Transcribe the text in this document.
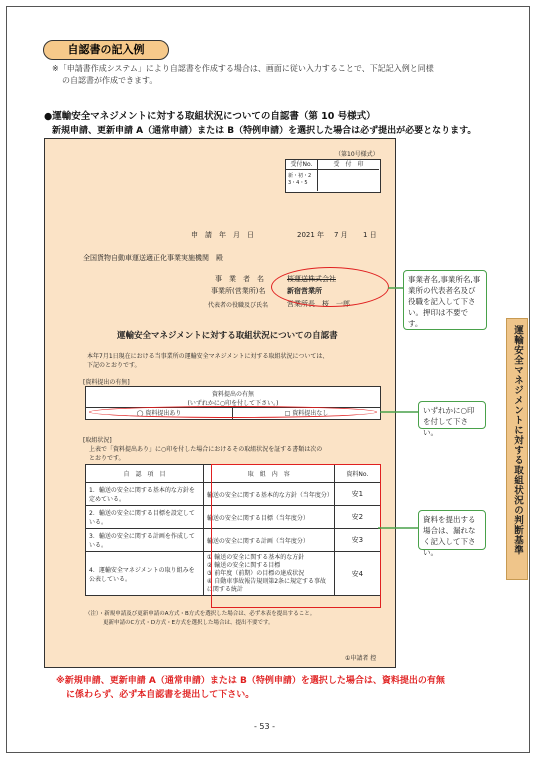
自認書の記入例
※「申請書作成システム」により自認書を作成する場合は、画面に従い入力することで、下記記入例と同様
の自認書が作成できます。
●運輸安全マネジメントに対する取組状況についての自認書（第 10 号様式）
新規申請、更新申請 A（通常申請）または B（特例申請）を選択した場合は必ず提出が必要となります。
（第10号様式）
受付No.	受　付　印
新・初・2
3・4・5
申　請　年　月　日	2021 年 7 月 1 日
全国貨物自動車運送適正化事業実施機関　殿
事　業　者　名	桜運送株式会社
事業所(営業所)名	新宿営業所
代表者の役職及び氏名	営業所長　桜　一郎
運輸安全マネジメントに対する取組状況についての自認書
本年7月1日現在における当事業所の運輸安全マネジメントに対する取組状況については、
下記のとおりです。
[資料提出の有無]
資料提出の有無
(いずれかに○印を付して下さい。)
◯ 資料提出あり	□ 資料提出なし
[取組状況]
上表で「資料提出あり」に○印を付した場合におけるその取組状況を証する書類は次の
とおりです。
自　認　項　目	取　組　内　容	資料No.
1．輸送の安全に関する基本的な方針を定めている。	輸送の安全に関する基本的な方針（当年度分）	安1
2．輸送の安全に関する目標を設定している。	輸送の安全に関する目標（当年度分）	安2
3．輸送の安全に関する計画を作成している。	輸送の安全に関する計画（当年度分）	安3
4．運輸安全マネジメントの取り組みを公表している。	① 輸送の安全に関する基本的な方針
② 輸送の安全に関する目標
③ 前年度（前期）の目標の達成状況
④ 自動車事故報告規則第2条に規定する事故に関する統計	安4
（注）・新規申請及び更新申請のA方式・B方式を選択した場合は、必ず本表を提出すること。
更新申請のC方式・D方式・E方式を選択した場合は、提出不要です。
①申請者 控
事業者名,事業所名,事業所の代表者名及び役職を記入して下さい。押印は不要です。
いずれかに○印を付して下さい。
資料を提出する場合は、漏れなく記入して下さい。	運輸安全マネジメントに対する取組状況の判断基準
※新規申請、更新申請 A（通常申請）または B（特例申請）を選択した場合は、資料提出の有無
に係わらず、必ず本自認書を提出して下さい。
- 53 -
